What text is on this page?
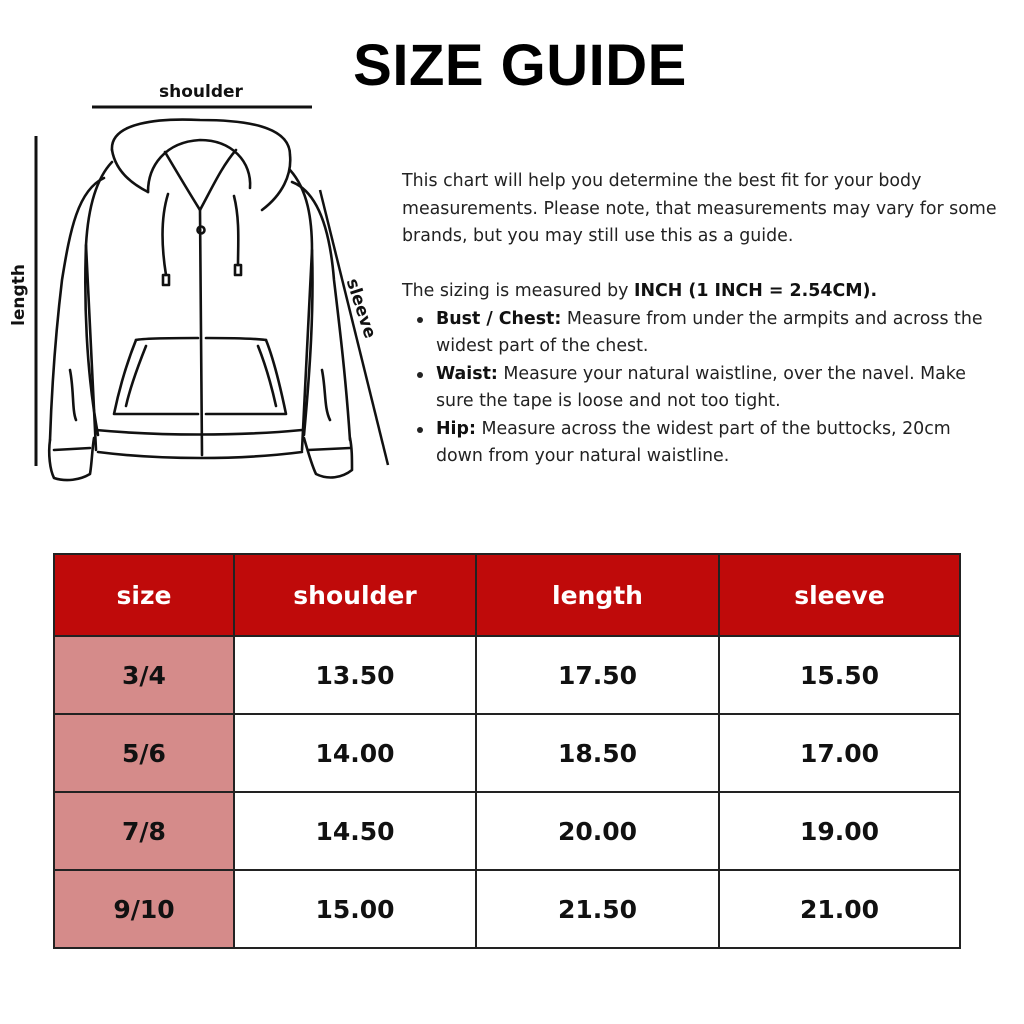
SIZE GUIDE
shoulder
length	sleeve

This chart will help you determine the best fit for your body measurements. Please note, that measurements may vary for some brands, but you may still use this as a guide.

The sizing is measured by INCH (1 INCH = 2.54CM).

Bust / Chest: Measure from under the armpits and across the widest part of the chest.
Waist: Measure your natural waistline, over the navel. Make sure the tape is loose and not too tight.
Hip: Measure across the widest part of the buttocks, 20cm down from your natural waistline.
size	shoulder	length	sleeve
3/4	13.50	17.50	15.50
5/6	14.00	18.50	17.00
7/8	14.50	20.00	19.00
9/10	15.00	21.50	21.00
